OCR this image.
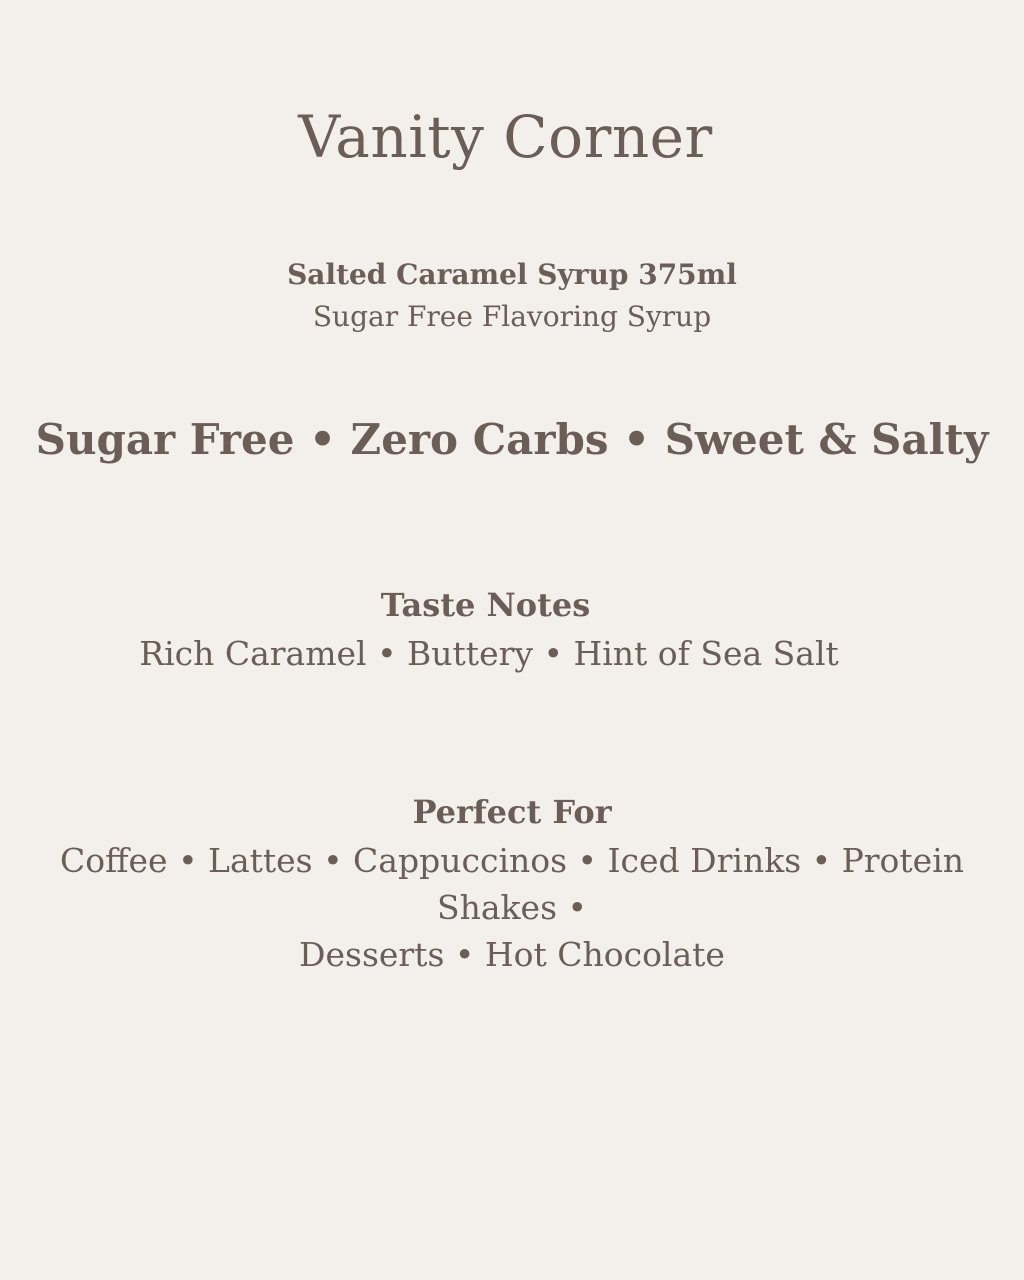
Vanity Corner
Salted Caramel Syrup 375ml
Sugar Free Flavoring Syrup
Sugar Free • Zero Carbs • Sweet & Salty
Taste Notes
Rich Caramel • Buttery • Hint of Sea Salt
Perfect For
Coffee • Lattes • Cappuccinos • Iced Drinks • Protein Shakes •
Desserts • Hot Chocolate
